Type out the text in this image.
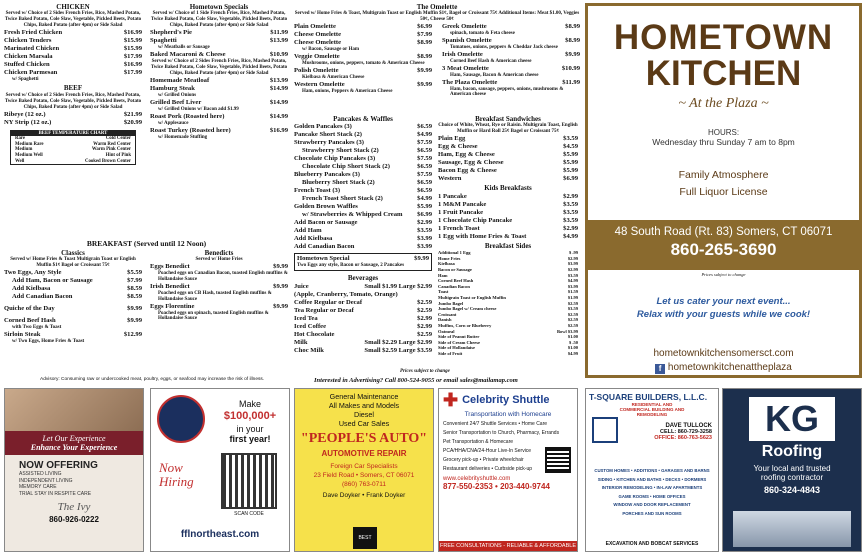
CHICKEN
Served w/ Choice of 2 Sides French Fries, Rice, Mashed Potato, Twice Baked Potato, Cole Slaw, Vegetable, Pickled Beets, Potato Chips, Baked Potato (after 4pm) or Side Salad
Fresh Fried Chicken	$16.99
Chicken Tenders	$15.99
Marinated Chicken	$15.99
Chicken Marsala	$17.99
Stuffed Chicken	$16.99
Chicken Parmesan	$17.99
w/ Spaghetti
BEEF
Served w/ Choice of 2 Sides French Fries, Rice, Mashed Potato, Twice Baked Potato, Cole Slaw, Vegetable, Pickled Beets, Potato Chips, Baked Potato (after 4pm) or Side Salad
Ribeye (12 oz.)	$21.99
NY Strip (12 oz.)	$20.99
BEEF TEMPERATURE CHART
Rare	Cold Center
Medium Rare	Warm Red Center
Medium	Warm Pink Center
Medium Well	Hint of Pink
Well	Cooked Brown Center
BREAKFAST (Served until 12 Noon)
Classics
Served w/ Home Fries & Toast Multigrain Toast or English Muffin $1¢ Bagel or Croissant 75¢
Two Eggs, Any Style	$5.59
Add Ham, Bacon or Sausage	$7.99
Add Kielbasa	$8.59
Add Canadian Bacon	$8.59
Quiche of the Day	$9.99
Corned Beef Hash	$9.99
with Two Eggs & Toast
Sirloin Steak	$12.99
w/ Two Eggs, Home Fries & Toast
Benedicts
Served w/ Home Fries
Eggs Benedict	$9.99
Poached eggs on Canadian Bacon, toasted English muffins & Hollandaise Sauce
Irish Benedict	$9.99
Poached eggs on CB Hash, toasted English muffins & Hollandaise Sauce
Eggs Florentine	$9.99
Poached eggs on spinach, toasted English muffins & Hollandaise Sauce
Hometown Specials
Served w/ Choice of 1 Side French Fries, Rice, Mashed Potato, Twice Baked Potato, Cole Slaw, Vegetable, Pickled Beets, Potato Chips, Baked Potato (after 4pm) or Side Salad
Shepherd's Pie	$11.99
Spaghetti	$13.99
w/ Meatballs or Sausage
Baked Macaroni & Cheese	$10.99
Served w/ Choice of 2 Sides French Fries, Rice, Mashed Potato, Twice Baked Potato, Cole Slaw, Vegetable, Pickled Beets, Potato Chips, Baked Potato (after 4pm) or Side Salad
Homemade Meatloaf	$13.99
Hamburg Steak	$14.99
w/ Grilled Onions
Grilled Beef Liver	$14.99
w/ Grilled Onions w/ Bacon add $1.99
Roast Pork (Roasted here)	$14.99
w/ Applesauce
Roast Turkey (Roasted here)	$16.99
w/ Homemade Stuffing
The Omelette
Served w/ Home Fries & Toast, Multigrain Toast or English Muffin $1¢, Bagel or Croissant 75¢ Additional Items: Meat $1.00, Veggies 50¢, Cheese 50¢
Plain Omelette	$6.99
Cheese Omelette	$7.99
Cheese Omelette	$8.99
w/ Bacon, Sausage or Ham
Veggie Omelette	$8.99
Mushrooms, onions, peppers, tomato & American Cheese
Polish Omelette	$9.99
Kielbasa & American Cheese
Western Omelette	$9.99
Ham, onions, Peppers & American Cheese
Greek Omelette	$8.99
spinach, tomato & Feta cheese
Spanish Omelette	$8.99
Tomatoes, onions, peppers & Cheddar Jack cheese
Irish Omelette	$9.99
Corned Beef Hash & American cheese
3 Meat Omelette	$10.99
Ham, Sausage, Bacon & American cheese
The Plaza Omelette	$11.99
Ham, bacon, sausage, peppers, onions, mushrooms & American cheese
Pancakes & Waffles
Golden Pancakes (3)	$6.59
Pancake Short Stack (2)	$4.99
Strawberry Pancakes (3)	$7.59
Strawberry Short Stack (2)	$6.59
Chocolate Chip Pancakes (3)	$7.59
Chocolate Chip Short Stack (2)	$6.59
Blueberry Pancakes (3)	$7.59
Blueberry Short Stack (2)	$6.59
French Toast (3)	$6.59
French Toast Short Stack (2)	$4.99
Golden Brown Waffles	$5.99
w/ Strawberries & Whipped Cream $6.99
Add Bacon or Sausage	$2.99
Add Ham	$3.59
Add Kielbasa	$3.99
Add Canadian Bacon	$3.99
Hometown Special	$9.99
Two Eggs any style, Bacon or Sausage, 2 Pancakes
Beverages
Juice	Small $1.99 Large $2.99
(Apple, Cranberry, Tomato, Orange)
Coffee Regular or Decaf	$2.59
Tea Regular or Decaf	$2.59
Iced Tea	$2.99
Iced Coffee	$2.99
Hot Chocolate	$2.59
Milk	Small $2.29 Large $2.99
Choc Milk	Small $2.59 Large $3.59
Prices subject to change
Breakfast Sandwiches
Choice of White, Wheat, Rye or Raisin. Multigrain Toast, English Muffin or Hard Roll 25¢ Bagel or Croissant 75¢
Plain Egg	$3.59
Egg & Cheese	$4.59
Ham, Egg & Cheese	$5.99
Sausage, Egg & Cheese	$5.99
Bacon Egg & Cheese	$5.99
Western	$6.99
Kids Breakfasts
1 Pancake	$2.99
1 M&M Pancake	$3.59
1 Fruit Pancake	$3.59
1 Chocolate Chip Pancake	$3.59
1 French Toast	$2.99
1 Egg with Home Fries & Toast	$4.99
Breakfast Sides
Additional 1 Egg	$ .99
Home Fries	$2.99
Kielbasa	$3.99
Bacon or Sausage	$2.99
Ham	$3.59
Corned Beef Hash	$4.99
Canadian Bacon	$3.99
Toast	$1.59
Multigrain Toast or English Muffin	$1.99
Jumbo Bagel	$2.59
Jumbo Bagel w/ Cream cheese	$3.59
Croissant	$2.59
Danish	$2.59
Muffins, Corn or Blueberry	$2.59
Oatmeal	Bowl $3.99
Side of Peanut Butter	$1.00
Side of Cream Cheese	$ .50
Side of Hollandaise	$1.00
Side of Fruit	$4.99
HOMETOWN
KITCHEN
~ At the Plaza ~
HOURS:
Wednesday thru Sunday 7 am to 8pm
Family Atmosphere
Full Liquor License
48 South Road (Rt. 83) Somers, CT 06071
860-265-3690
Prices subject to change
Let us cater your next event...
Relax with your guests while we cook!
hometownkitchensomersct.com
f hometownkitchenattheplaza
Advisory: Consuming raw or undercooked meat, poultry, eggs, or seafood may increase the risk of illness.	Interested in Advertising? Call 800-524-9055 or email sales@mailamap.com
Let Our Experience
Enhance Your Experience
NOW OFFERING
ASSISTED LIVING
INDEPENDENT LIVING
MEMORY CARE
TRIAL STAY IN RESPITE CARE
The Ivy
860-926-0222
Make
$100,000+
in your
first year!
Now Hiring
SCAN CODE
fflnortheast.com
General Maintenance
All Makes and Models
Diesel
Used Car Sales
"PEOPLE'S AUTO"
AUTOMOTIVE REPAIR
Foreign Car Specialists
23 Field Road • Somers, CT 06071
(860) 763-0711
Dave Doyker • Frank Doyker
BEST
✚ Celebrity Shuttle
Transportation with Homecare
Convenient 24/7 Shuttle Services • Home Care
Senior Transportation to Church, Pharmacy, Errands
Pet Transportation & Homecare
PCA/HHA/CNA/24-Hour Live-In Service
Grocery pick-up • Private wheelchair
Restaurant deliveries • Curbside pick-up
www.celebrityshuttle.com
877-550-2353 • 203-440-9744
FREE CONSULTATIONS - RELIABLE & AFFORDABLE
T-SQUARE BUILDERS, L.L.C.
RESIDENTIAL AND COMMERCIAL BUILDING AND REMODELING
DAVE TULLOCK
CELL: 860-729-3258
OFFICE: 860-763-5623
CUSTOM HOMES • ADDITIONS • GARAGES AND BARNS
SIDING • KITCHEN AND BATHS • DECKS • DORMERS
INTERIOR REMODELING • IN-LAW APARTMENTS
GAME ROOMS • HOME OFFICES
WINDOW AND DOOR REPLACEMENT
PORCHES AND SUN ROOMS
EXCAVATION AND BOBCAT SERVICES
KG
Roofing
Your local and trusted
roofing contractor
860-324-4843
